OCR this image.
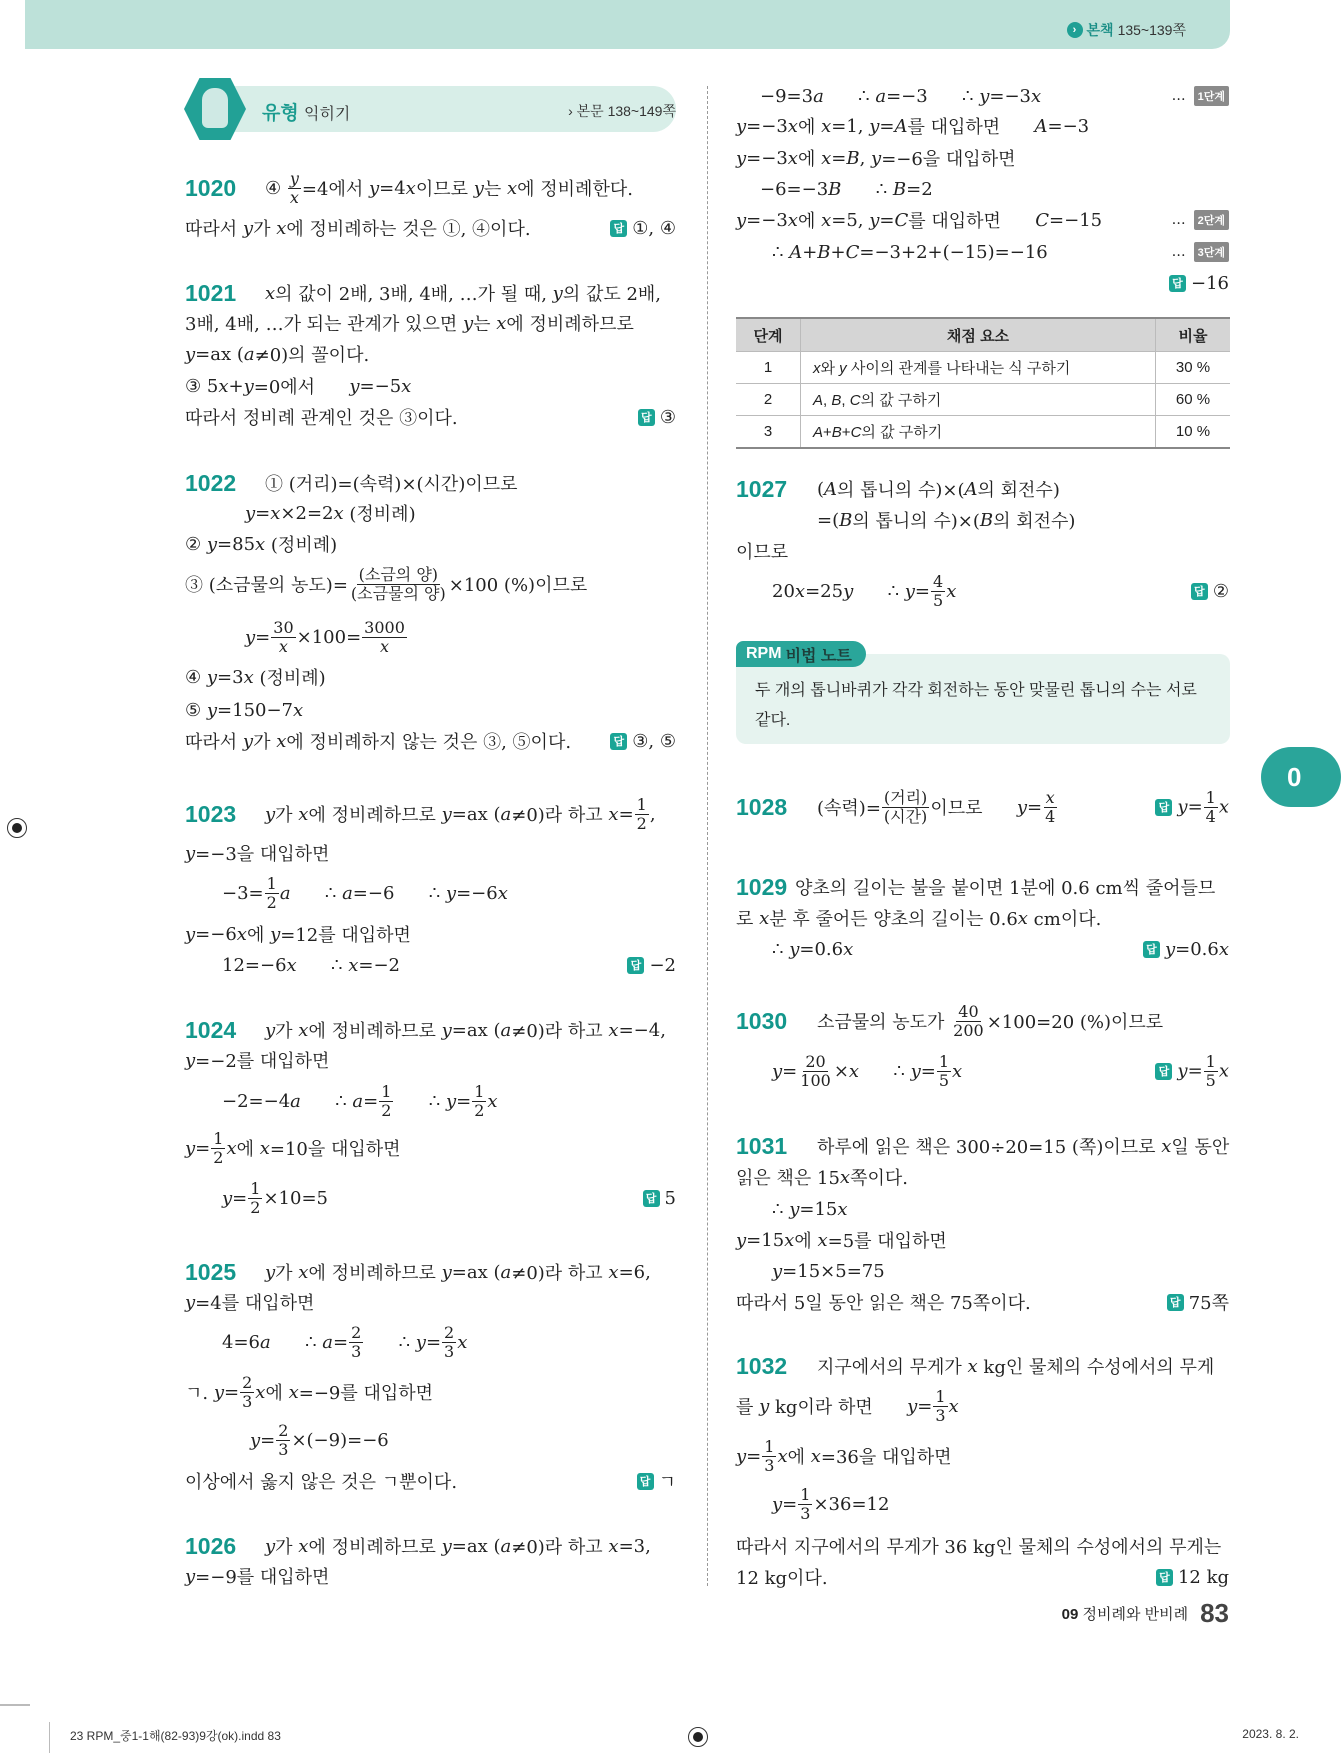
› 본책 135~139쪽
유형 익히기	› 본문 138~149쪽
1020 ④ y
x =4에서 y =4 x 이므로 y 는 x 에 정비례한다.
따라서 y 가 x 에 정비례하는 것은 ①, ④이다.	답 ①, ④
1021 x 의 값이 2배, 3배, 4배, …가 될 때, y 의 값도 2배,
3배, 4배, …가 되는 관계가 있으면 y 는 x 에 정비례하므로
y =ax ( a ≠0)의 꼴이다.
③ 5 x + y =0에서 y =−5 x
따라서 정비례 관계인 것은 ③이다.	답 ③
1022 ① (거리)=(속력)×(시간)이므로
y = x ×2=2 x (정비례)
② y =85 x (정비례)
③ (소금물의 농도)=
(소금의 양)
(소금물의 양) ×100 (%)이므로
y = 30
x ×100= 3000
x
④ y =3 x (정비례)
⑤ y =150−7 x
따라서 y 가 x 에 정비례하지 않는 것은 ③, ⑤이다.	답 ③, ⑤
1023 y 가 x 에 정비례하므로 y =ax ( a ≠0)라 하고 x = 1
2 ,
y =−3을 대입하면
−3= 1
2 a ∴ a =−6      ∴ y =−6 x
y =−6 x 에 y =12를 대입하면
12=−6 x ∴ x =−2	답 −2
1024 y 가 x 에 정비례하므로 y =ax ( a ≠0)라 하고 x =−4,
y =−2를 대입하면
−2=−4 a ∴ a = 1
2 ∴ y = 1
2 x
y = 1
2 x 에 x =10을 대입하면
y = 1
2 ×10=5	답 5
1025 y 가 x 에 정비례하므로 y =ax ( a ≠0)라 하고 x =6,
y =4를 대입하면
4=6 a ∴ a = 2
3 ∴ y = 2
3 x
ㄱ. y = 2
3 x 에 x =−9를 대입하면
y = 2
3 ×(−9)=−6
이상에서 옳지 않은 것은 ㄱ뿐이다.	답 ㄱ
1026 y 가 x 에 정비례하므로 y =ax ( a ≠0)라 하고 x =3,
y =−9를 대입하면
−9=3 a ∴ a =−3      ∴ y =−3 x	…	1단계
y =−3 x 에 x =1, y = A 를 대입하면 A =−3
y =−3 x 에 x = B , y =−6을 대입하면
−6=−3 B ∴ B =2
y =−3 x 에 x =5, y = C 를 대입하면 C =−15	…	2단계
∴ A + B + C =−3+2+(−15)=−16	…	3단계
답 −16
단계	채점 요소	비율
1	x와 y 사이의 관계를 나타내는 식 구하기	30 %
2	A, B, C의 값 구하기	60 %
3	A+B+C의 값 구하기	10 %
1027 ( A 의 톱니의 수)×( A 의 회전수)
=( B 의 톱니의 수)×( B 의 회전수)
이므로
20 x =25 y ∴ y = 4
5 x	답 ②
RPM 비법 노트
두 개의 톱니바퀴가 각각 회전하는 동안 맞물린 톱니의 수는 서로 같다.
1028 (속력)=
(거리)
(시간) 이므로 y = x
4	답 $y= \frac{1}{4}$ x
1029 양초의 길이는 불을 붙이면 1분에 0.6 cm씩 줄어들므
로 x 분 후 줄어든 양초의 길이는 0.6 x cm이다.
∴ y =0.6 x	답 y=0.6x
1030 소금물의 농도가
40
200 ×100=20 (%)이므로
y = 20
100 × x ∴ y = 1
5 x	답 $y= \frac{1}{5}$ x
1031 하루에 읽은 책은 300÷20=15 (쪽)이므로 x 일 동안
읽은 책은 15 x 쪽이다.
∴ y =15 x
y =15 x 에 x =5를 대입하면
y =15×5=75
따라서 5일 동안 읽은 책은 75쪽이다.	답 75쪽
1032 지구에서의 무게가 x kg인 물체의 수성에서의 무게
를 y kg이라 하면 y = 1
3 x
y = 1
3 x 에 x =36을 대입하면
y = 1
3 ×36=12
따라서 지구에서의 무게가 36 kg인 물체의 수성에서의 무게는
12 kg이다.	답 12 kg
0
09 정비례와 반비례 83
23 RPM_중1-1해(82-93)9강(ok).indd 83	2023. 8. 2.
